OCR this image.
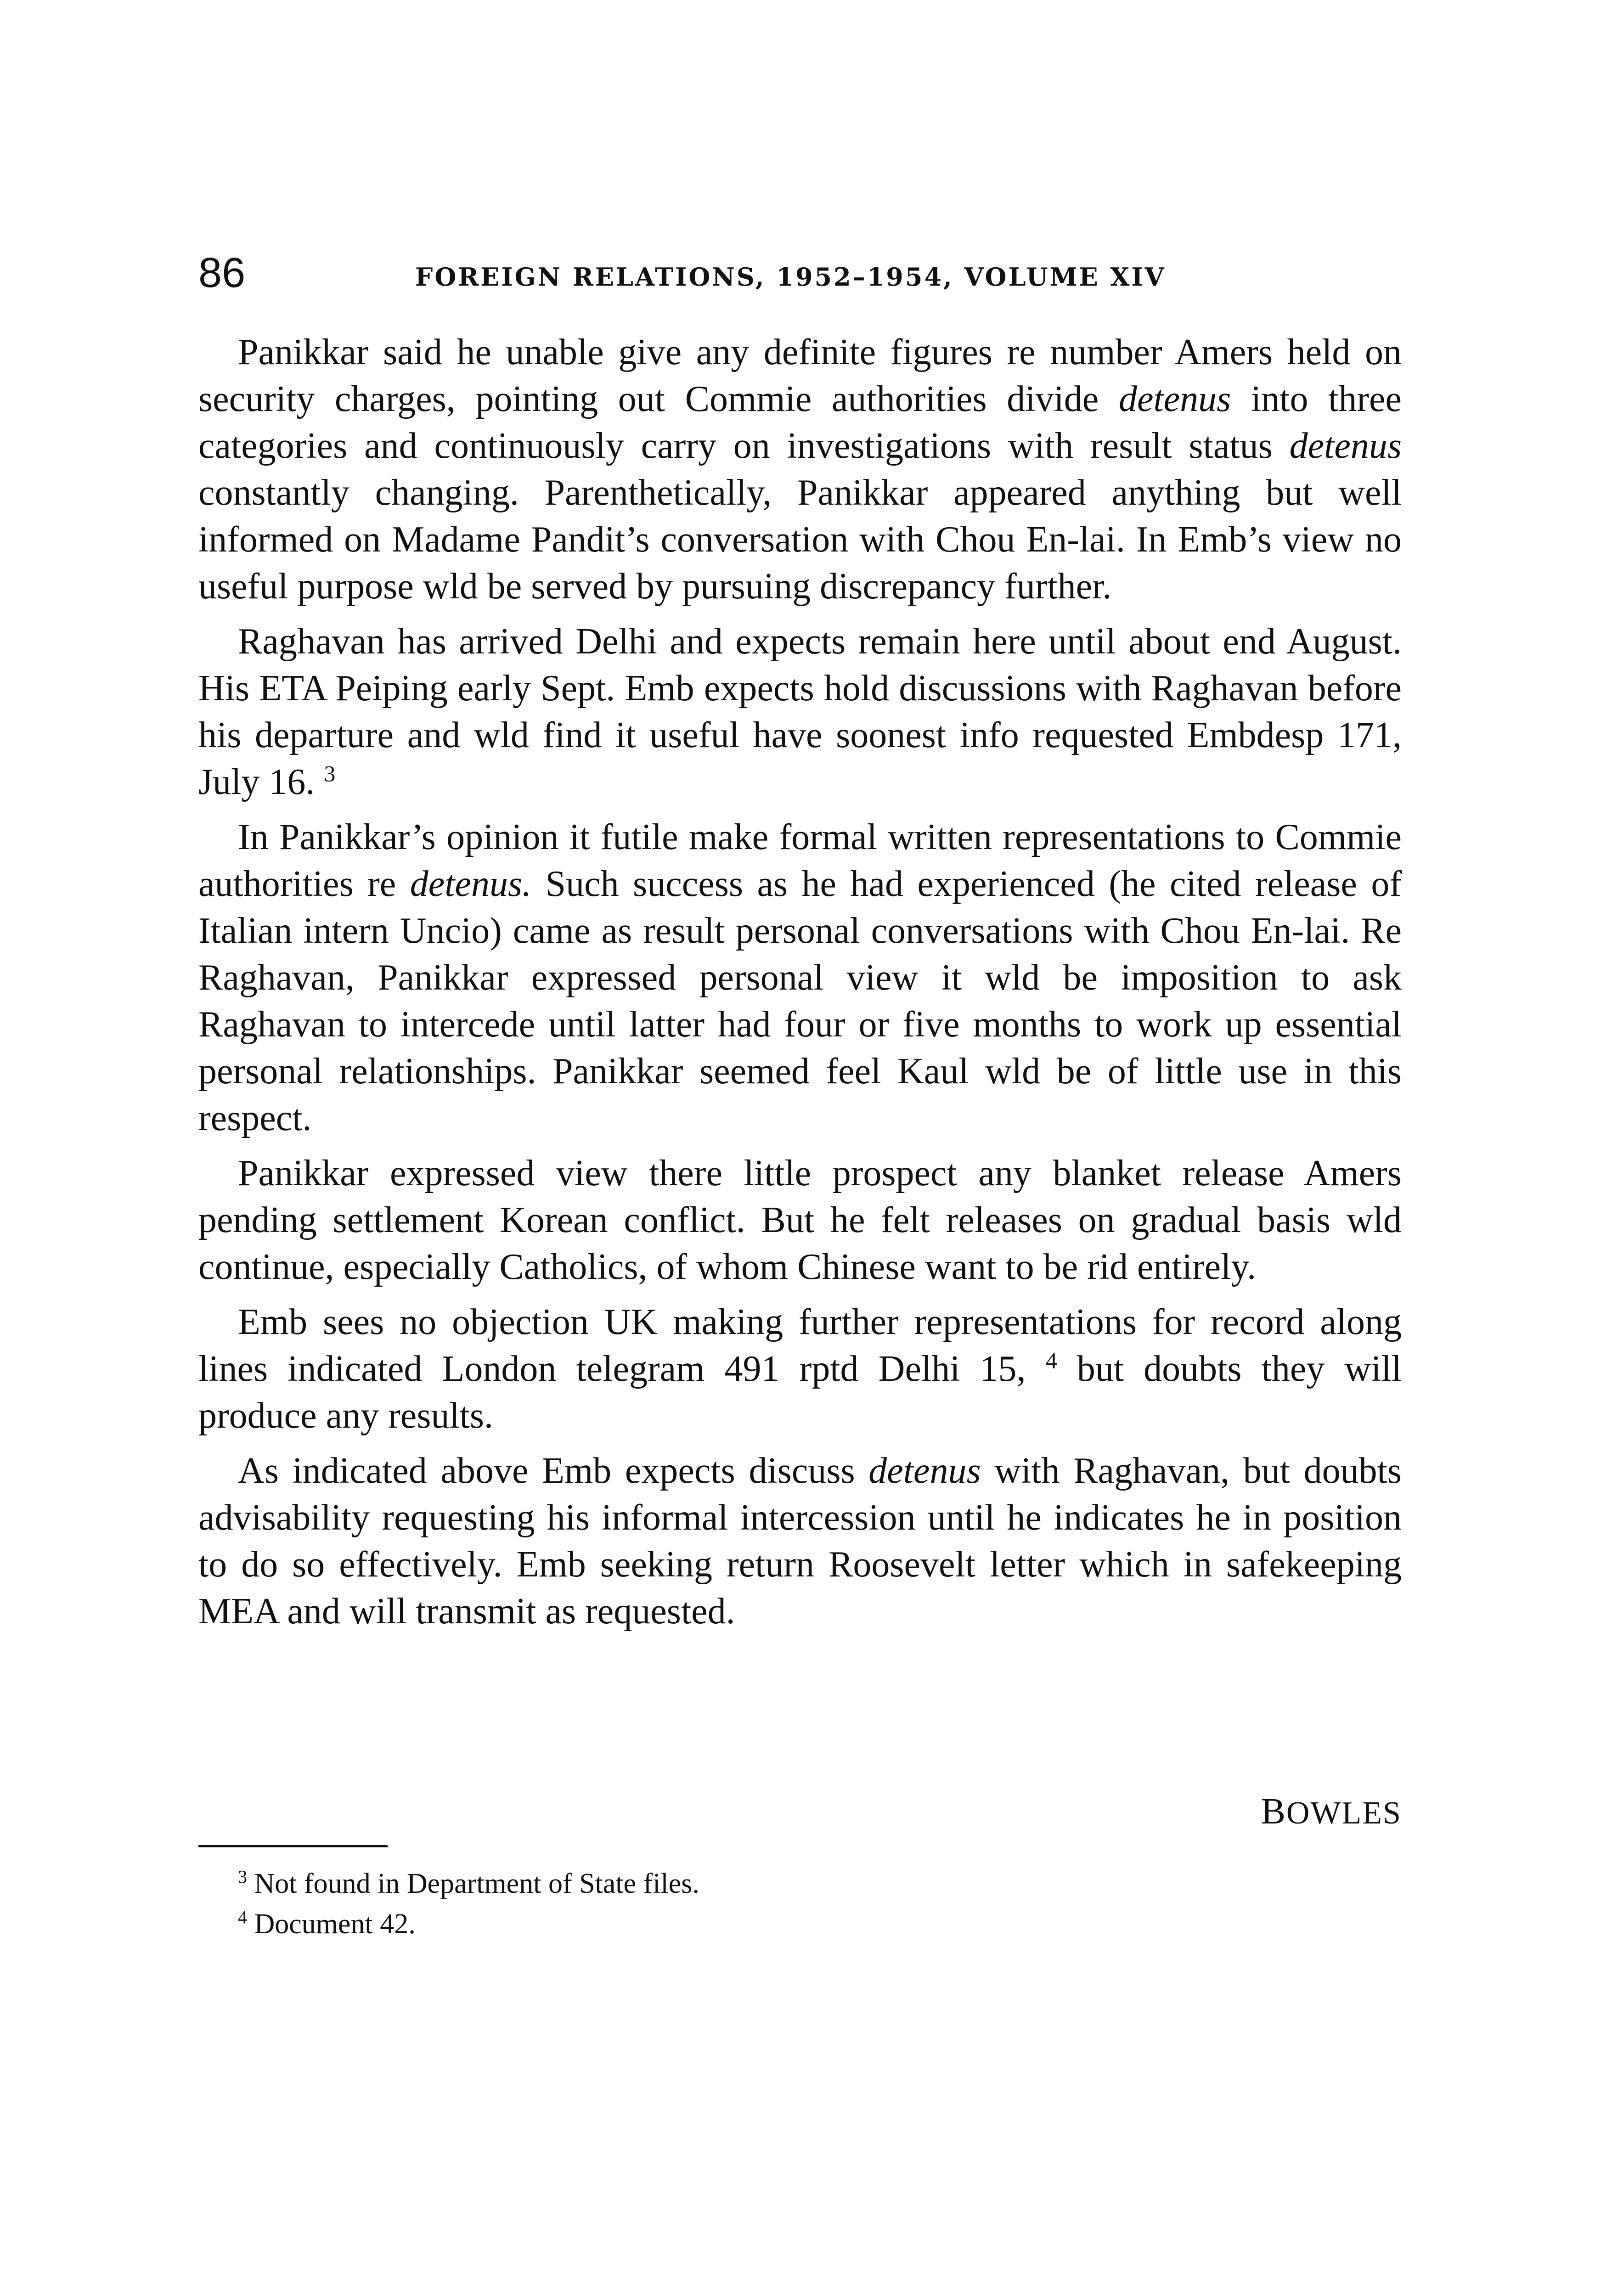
86	FOREIGN RELATIONS, 1952–1954, VOLUME XIV

Panikkar said he unable give any definite figures re number Amers held on security charges, pointing out Commie authorities divide detenus into three categories and continuously carry on investigations with result status detenus constantly changing. Parenthetically, Panikkar appeared anything but well informed on Madame Pandit’s conversation with Chou En-lai. In Emb’s view no useful purpose wld be served by pursuing discrepancy further.

Raghavan has arrived Delhi and expects remain here until about end August. His ETA Peiping early Sept. Emb expects hold discussions with Raghavan before his departure and wld find it useful have soonest info requested Embdesp 171, July 16. $^3$

In Panikkar’s opinion it futile make formal written representations to Commie authorities re detenus. Such success as he had experienced (he cited release of Italian intern Uncio) came as result personal conversations with Chou En-lai. Re Raghavan, Panikkar expressed personal view it wld be imposition to ask Raghavan to intercede until latter had four or five months to work up essential personal relationships. Panikkar seemed feel Kaul wld be of little use in this respect.

Panikkar expressed view there little prospect any blanket release Amers pending settlement Korean conflict. But he felt releases on gradual basis wld continue, especially Catholics, of whom Chinese want to be rid entirely.

Emb sees no objection UK making further representations for record along lines indicated London telegram 491 rptd Delhi 15, $^4$ but doubts they will produce any results.

As indicated above Emb expects discuss detenus with Raghavan, but doubts advisability requesting his informal intercession until he indicates he in position to do so effectively. Emb seeking return Roosevelt letter which in safekeeping MEA and will transmit as requested.

BOWLES

$^3$ Not found in Department of State files.

$^4$ Document 42.
